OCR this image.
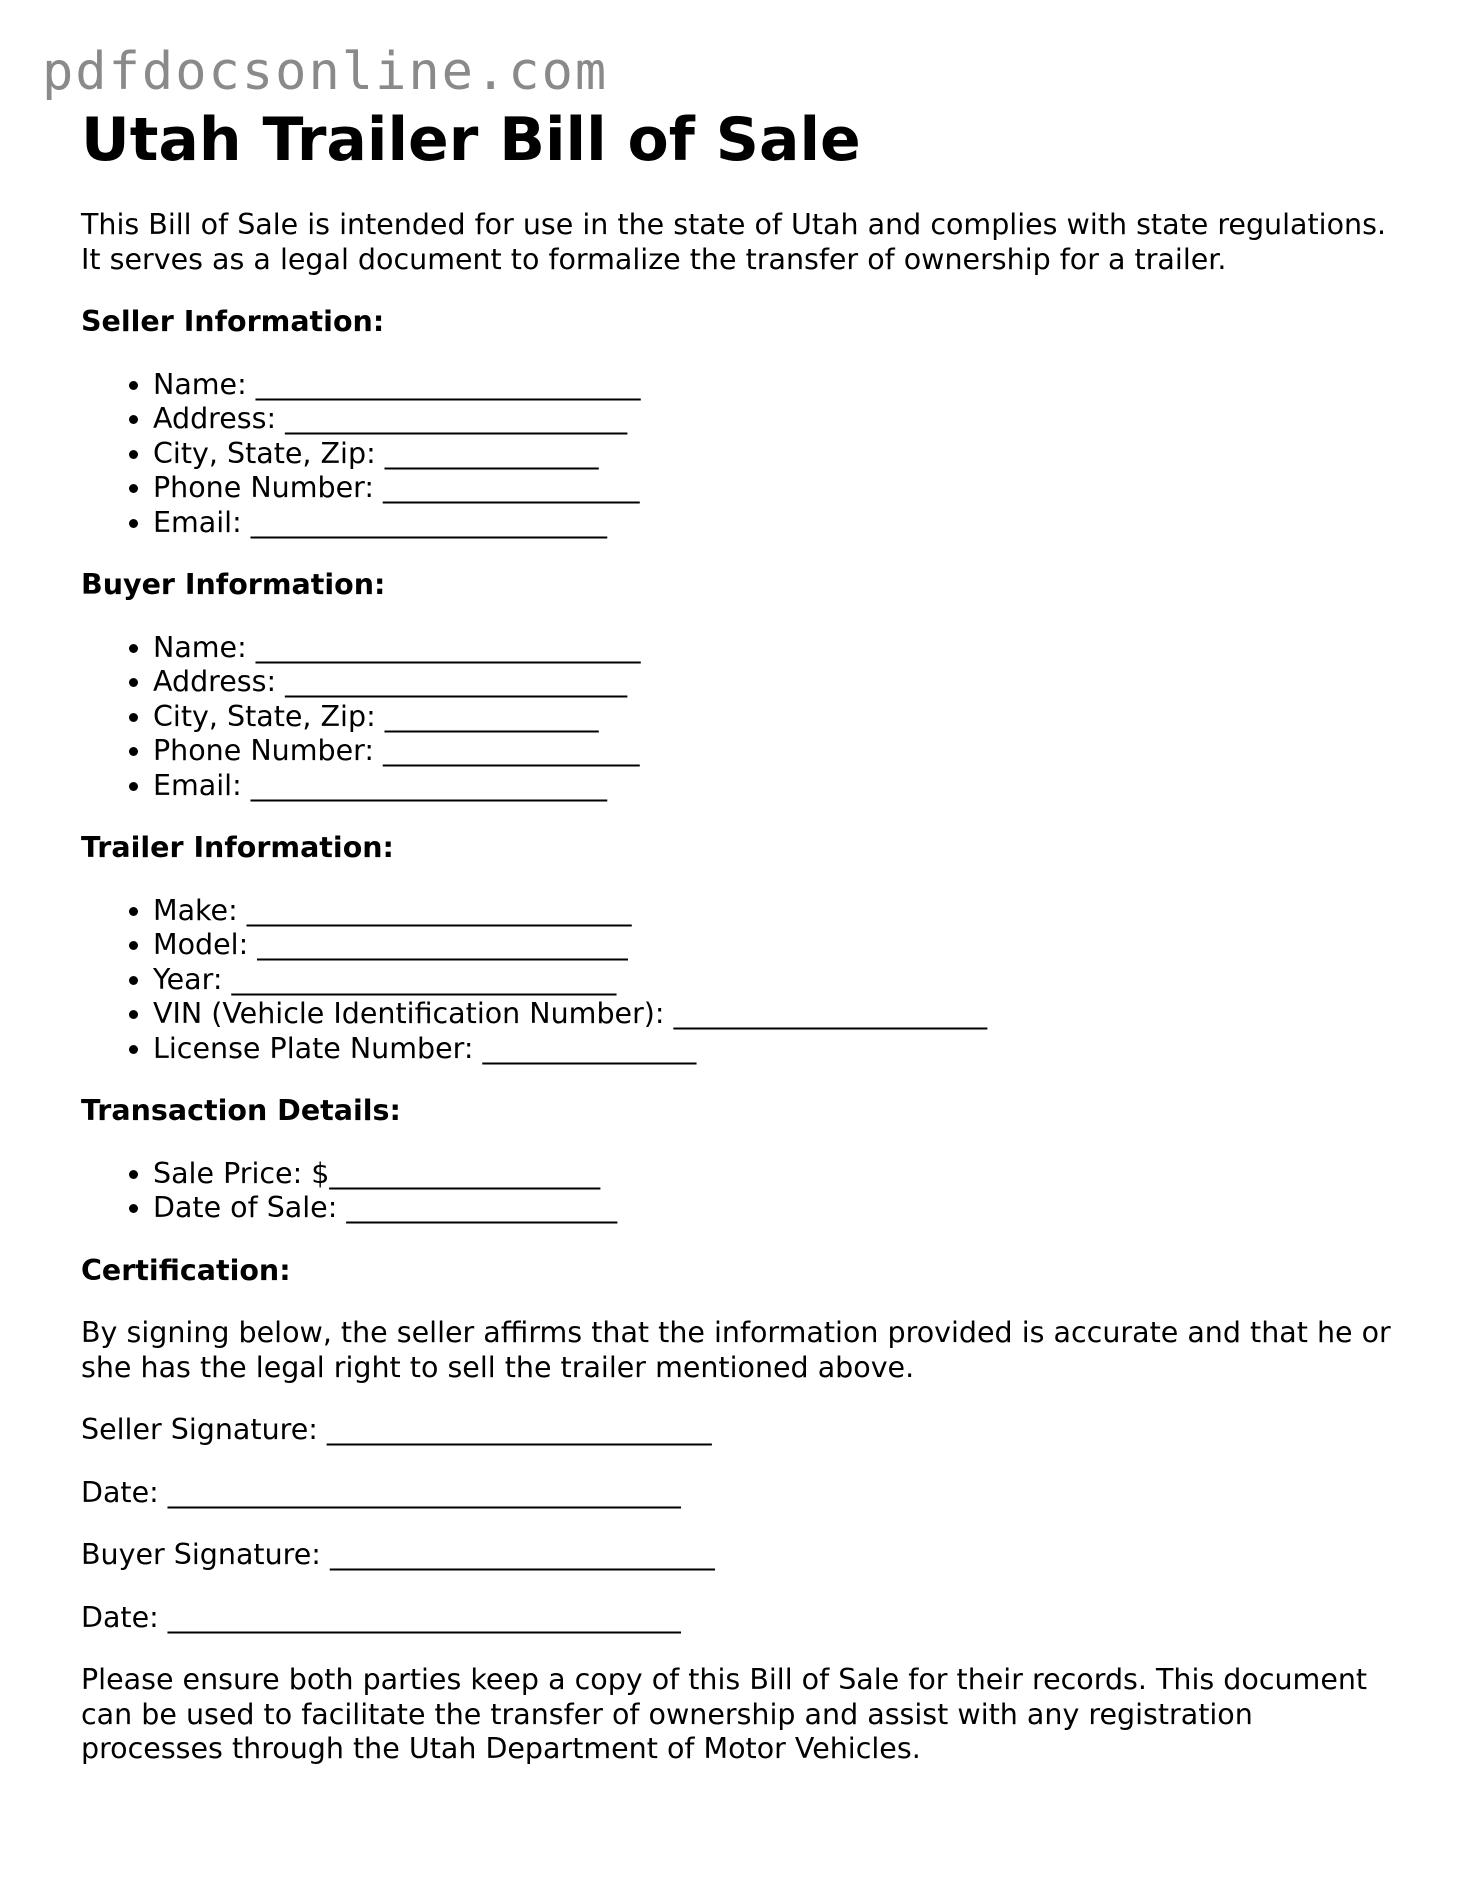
pdfdocsonline.com
Utah Trailer Bill of Sale

This Bill of Sale is intended for use in the state of Utah and complies with state regulations. It serves as a legal document to formalize the transfer of ownership for a trailer.

Seller Information:
• Name: ___________________________
• Address: ________________________
• City, State, Zip: _______________
• Phone Number: __________________
• Email: _________________________
Buyer Information:
• Name: ___________________________
• Address: ________________________
• City, State, Zip: _______________
• Phone Number: __________________
• Email: _________________________
Trailer Information:
• Make: ___________________________
• Model: __________________________
• Year: ___________________________
• VIN (Vehicle Identification Number): ______________________
• License Plate Number: _______________
Transaction Details:
• Sale Price: $___________________
• Date of Sale: ___________________
Certification:

By signing below, the seller affirms that the information provided is accurate and that he or she has the legal right to sell the trailer mentioned above.

Seller Signature: ___________________________

Date: ____________________________________

Buyer Signature: ___________________________

Date: ____________________________________

Please ensure both parties keep a copy of this Bill of Sale for their records. This document can be used to facilitate the transfer of ownership and assist with any registration processes through the Utah Department of Motor Vehicles.
